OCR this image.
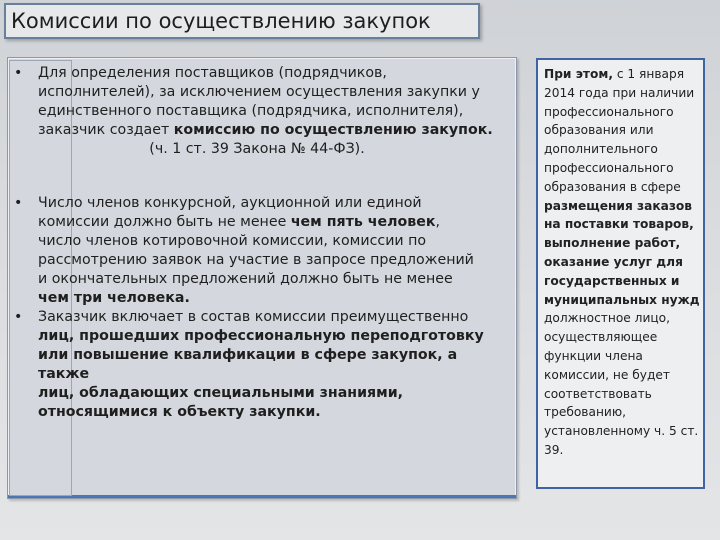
Комиссии по осуществлению закупок
• Для определения поставщиков (подрядчиков,
исполнителей), за исключением осуществления закупки у
единственного поставщика (подрядчика, исполнителя),
заказчик создает комиссию по осуществлению закупок.

(ч. 1 ст. 39 Закона № 44-ФЗ).
• Число членов конкурсной, аукционной или единой
комиссии должно быть не менее чем пять человек,
число членов котировочной комиссии, комиссии по
рассмотрению заявок на участие в запросе предложений
и окончательных предложений должно быть не менее
чем три человека.
• Заказчик включает в состав комиссии преимущественно
лиц, прошедших профессиональную переподготовку
или повышение квалификации в сфере закупок, а также
лиц, обладающих специальными знаниями,
относящимися к объекту закупки.

При этом, с 1 января
2014 года при наличии
профессионального
образования или
дополнительного
профессионального
образования в сфере
размещения заказов
на поставки товаров,
выполнение работ,
оказание услуг для
государственных и
муниципальных нужд
должностное лицо,
осуществляющее
функции члена
комиссии, не будет
соответствовать
требованию,
установленному ч. 5 ст.
39.
